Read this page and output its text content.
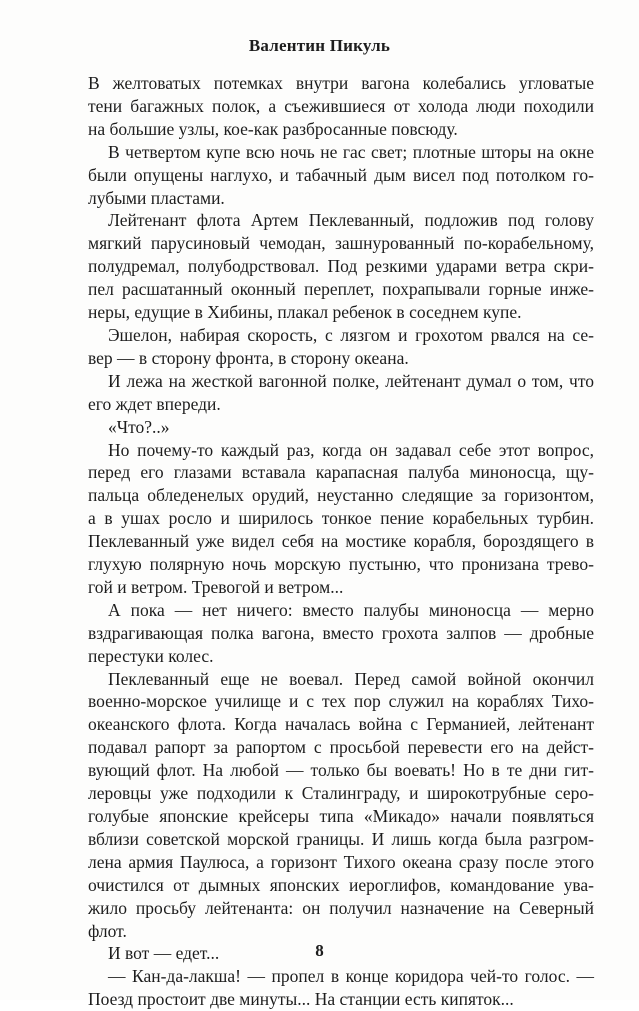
Валентин Пикуль
В желтоватых потемках внутри вагона колебались угловатые
тени багажных полок, а съежившиеся от холода люди походили
на большие узлы, кое-как разбросанные повсюду.
В четвертом купе всю ночь не гас свет; плотные шторы на окне
были опущены наглухо, и табачный дым висел под потолком го-
лубыми пластами.
Лейтенант флота Артем Пеклеванный, подложив под голову
мягкий парусиновый чемодан, зашнурованный по-корабельному,
полудремал, полубодрствовал. Под резкими ударами ветра скри-
пел расшатанный оконный переплет, похрапывали горные инже-
неры, едущие в Хибины, плакал ребенок в соседнем купе.
Эшелон, набирая скорость, с лязгом и грохотом рвался на се-
вер — в сторону фронта, в сторону океана.
И лежа на жесткой вагонной полке, лейтенант думал о том, что
его ждет впереди.
«Что?..»
Но почему-то каждый раз, когда он задавал себе этот вопрос,
перед его глазами вставала карапасная палуба миноносца, щу-
пальца обледенелых орудий, неустанно следящие за горизонтом,
а в ушах росло и ширилось тонкое пение корабельных турбин.
Пеклеванный уже видел себя на мостике корабля, бороздящего в
глухую полярную ночь морскую пустыню, что пронизана трево-
гой и ветром. Тревогой и ветром...
А пока — нет ничего: вместо палубы миноносца — мерно
вздрагивающая полка вагона, вместо грохота залпов — дробные
перестуки колес.
Пеклеванный еще не воевал. Перед самой войной окончил
военно-морское училище и с тех пор служил на кораблях Тихо-
океанского флота. Когда началась война с Германией, лейтенант
подавал рапорт за рапортом с просьбой перевести его на дейст-
вующий флот. На любой — только бы воевать! Но в те дни гит-
леровцы уже подходили к Сталинграду, и широкотрубные серо-
голубые японские крейсеры типа «Микадо» начали появляться
вблизи советской морской границы. И лишь когда была разгром-
лена армия Паулюса, а горизонт Тихого океана сразу после этого
очистился от дымных японских иероглифов, командование ува-
жило просьбу лейтенанта: он получил назначение на Северный
флот.
И вот — едет...
— Кан-да-лакша! — пропел в конце коридора чей-то голос. —
Поезд простоит две минуты... На станции есть кипяток...
8
